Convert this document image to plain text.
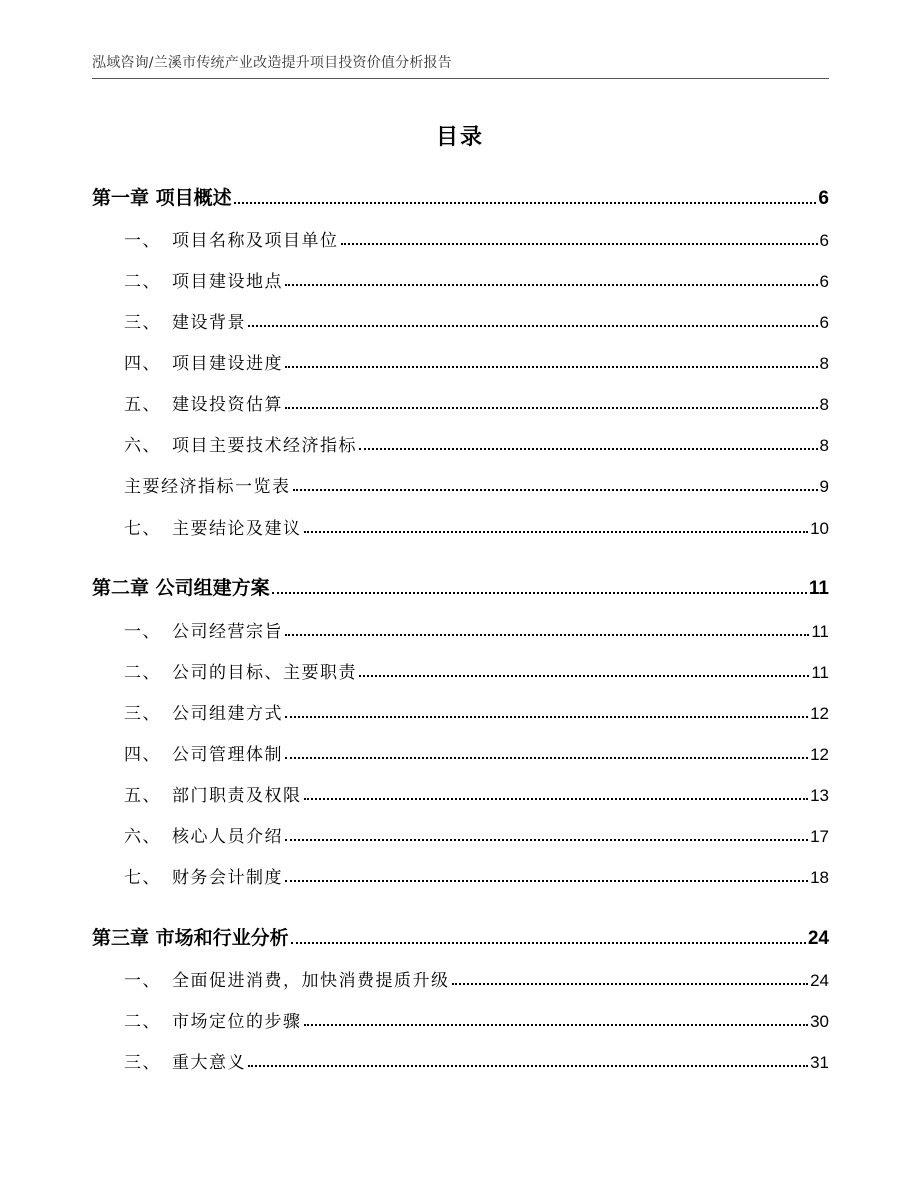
泓域咨询/兰溪市传统产业改造提升项目投资价值分析报告
目录
第一章 项目概述	6
一、 项目名称及项目单位	6
二、 项目建设地点	6
三、 建设背景	6
四、 项目建设进度	8
五、 建设投资估算	8
六、 项目主要技术经济指标	8
主要经济指标一览表	9
七、 主要结论及建议	10
第二章 公司组建方案	11
一、 公司经营宗旨	11
二、 公司的目标、主要职责	11
三、 公司组建方式	12
四、 公司管理体制	12
五、 部门职责及权限	13
六、 核心人员介绍	17
七、 财务会计制度	18
第三章 市场和行业分析	24
一、 全面促进消费，加快消费提质升级	24
二、 市场定位的步骤	30
三、 重大意义	31
